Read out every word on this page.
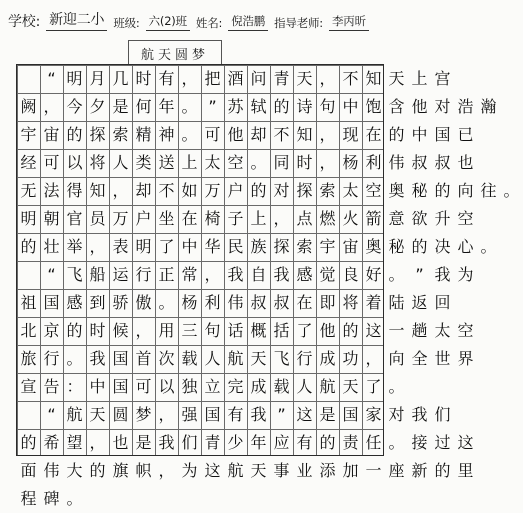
学校: 新迎二小 班级: 六(2)班 姓名: 倪浩鹏 指导老师: 李丙昕
航天圆梦

“ 明 月 几 时 有 ， 把 酒 问 青 天 ， 不 知 天 上 宫
阙 ， 今 夕 是 何 年 。 ” 苏 轼 的 诗 句 中 饱 含 他 对 浩 瀚
宇 宙 的 探 索 精 神 。 可 他 却 不 知 ， 现 在 的 中 国 已
经 可 以 将 人 类 送 上 太 空 。 同 时 ， 杨 利 伟 叔 叔 也
无 法 得 知 ， 却 不 如 万 户 的 对 探 索 太 空 奥 秘 的 向 往 。
明 朝 官 员 万 户 坐 在 椅 子 上 ， 点 燃 火 箭 意 欲 升 空
的 壮 举 ， 表 明 了 中 华 民 族 探 索 宇 宙 奥 秘 的 决 心 。

“ 飞 船 运 行 正 常 ， 我 自 我 感 觉 良 好 。 ” 我 为
祖 国 感 到 骄 傲 。 杨 利 伟 叔 叔 在 即 将 着 陆 返 回
北 京 的 时 候 ， 用 三 句 话 概 括 了 他 的 这 一 趟 太 空
旅 行 。 我 国 首 次 载 人 航 天 飞 行 成 功 ， 向 全 世 界
宣 告 ： 中 国 可 以 独 立 完 成 载 人 航 天 了 。

“ 航 天 圆 梦 ， 强 国 有 我 ” 这 是 国 家 对 我 们
的 希 望 ， 也 是 我 们 青 少 年 应 有 的 责 任 。 接 过 这
面 伟 大 的 旗 帜 ， 为 这 航 天 事 业 添 加 一 座 新 的 里
程 碑 。
